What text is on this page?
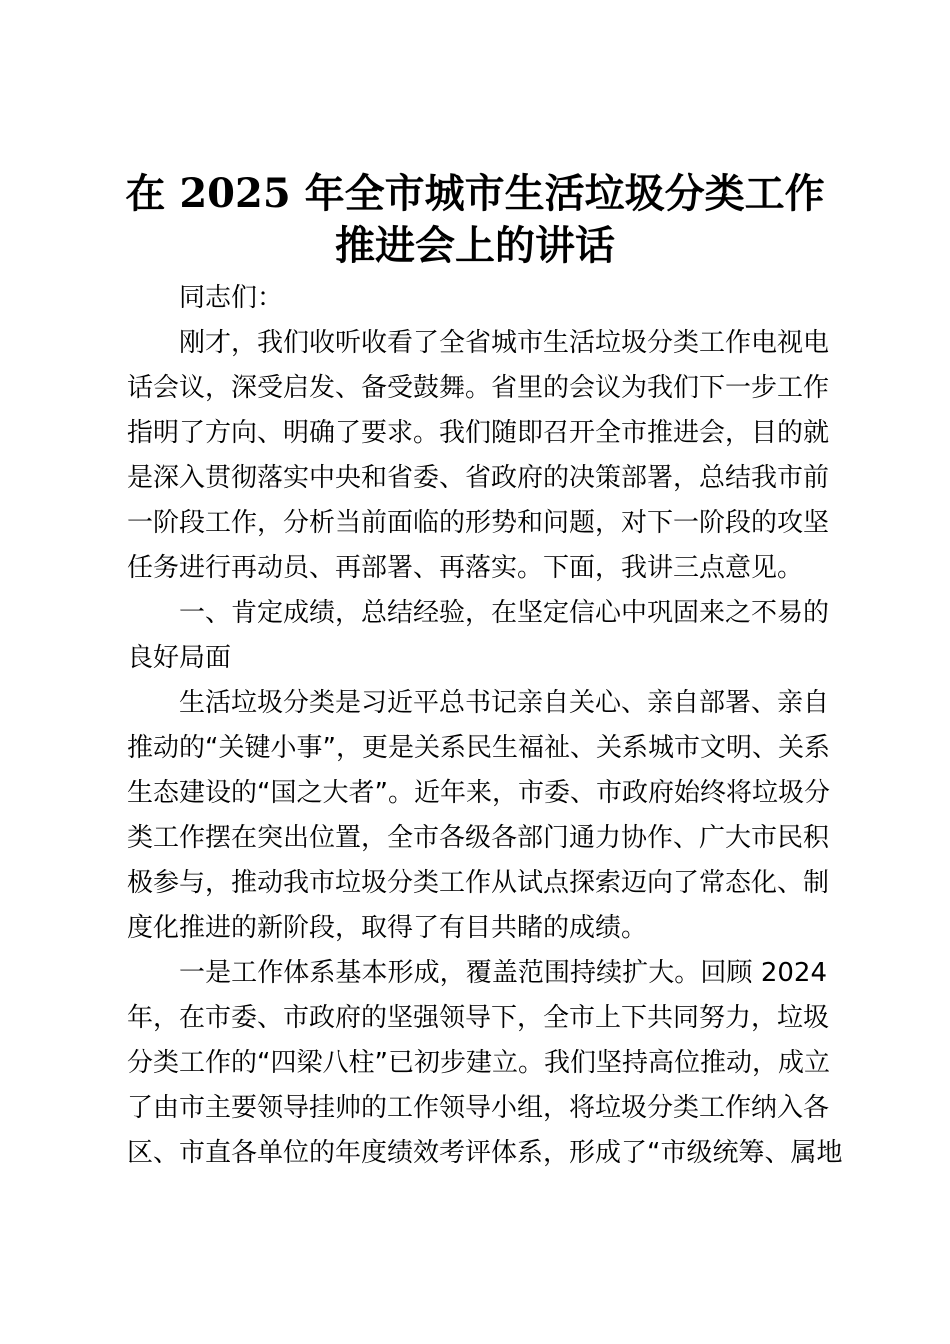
在 2025 年全市城市生活垃圾分类工作
推进会上的讲话
同志们：
刚才，我们收听收看了全省城市生活垃圾分类工作电视电
话会议，深受启发、备受鼓舞。省里的会议为我们下一步工作
指明了方向、明确了要求。我们随即召开全市推进会，目的就
是深入贯彻落实中央和省委、省政府的决策部署，总结我市前
一阶段工作，分析当前面临的形势和问题，对下一阶段的攻坚
任务进行再动员、再部署、再落实。下面，我讲三点意见。
一、肯定成绩，总结经验，在坚定信心中巩固来之不易的
良好局面
生活垃圾分类是习近平总书记亲自关心、亲自部署、亲自
推动的“关键小事”，更是关系民生福祉、关系城市文明、关系
生态建设的“国之大者”。近年来，市委、市政府始终将垃圾分
类工作摆在突出位置，全市各级各部门通力协作、广大市民积
极参与，推动我市垃圾分类工作从试点探索迈向了常态化、制
度化推进的新阶段，取得了有目共睹的成绩。
一是工作体系基本形成，覆盖范围持续扩大。回顾 2024
年，在市委、市政府的坚强领导下，全市上下共同努力，垃圾
分类工作的“四梁八柱”已初步建立。我们坚持高位推动，成立
了由市主要领导挂帅的工作领导小组，将垃圾分类工作纳入各
区、市直各单位的年度绩效考评体系，形成了“市级统筹、属地
